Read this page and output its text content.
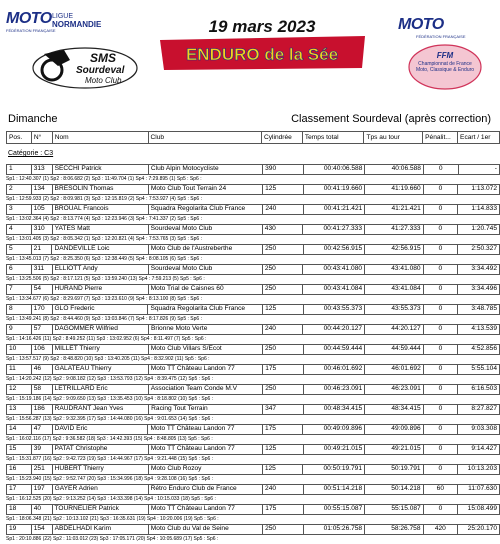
MOTO
FÉDÉRATION FRANÇAISE
LIGUE
NORMANDIE
SMS
Sourdeval
Moto Club
19 mars 2023
ENDURO de la Sée
MOTO
FÉDÉRATION FRANÇAISE
FFM
Championnat de France Moto, Classique & Enduro
Dimanche	Classement Sourdeval (après correction)
Pos.	N°	Nom	Club	Cylindrée	Temps total	Tps au tour	Pénalit...	Ecart / 1er
Catégorie : C3
1	313	SECCHI Patrick	Club Alpin Motocycliste	390	00:40:06.588	40:06.588	0	-
Sp1 : 12:40.307 (1) Sp2 : 8:06.682 (2) Sp3 : 11:49.704 (1) Sp4 : 7:29.895 (1) Sp5 : Sp6 :
2	134	BRESOLIN Thomas	Moto Club Tout Terrain 24	125	00:41:19.660	41:19.660	0	1:13.072
Sp1 : 12:59.933 (2) Sp2 : 8:09.981 (3) Sp3 : 12:15.819 (2) Sp4 : 7:53.927 (4) Sp5 : Sp6 :
3	105	BROUAL Francois	Squadra Regolarita Club France	240	00:41:21.421	41:21.421	0	1:14.833
Sp1 : 13:02.364 (4) Sp2 : 8:13.774 (4) Sp3 : 12:23.946 (3) Sp4 : 7:41.337 (2) Sp5 : Sp6 :
4	310	YATES Matt	Sourdeval Moto Club	430	00:41:27.333	41:27.333	0	1:20.745
Sp1 : 13:01.405 (3) Sp2 : 8:05.342 (1) Sp3 : 12:20.821 (4) Sp4 : 7:53.765 (3) Sp5 : Sp6 :
5	21	DANDEVILLE Loic	Moto Club de l'Austreberthe	250	00:42:56.915	42:56.915	0	2:50.327
Sp1 : 13:45.013 (7) Sp2 : 8:25.350 (6) Sp3 : 12:38.449 (5) Sp4 : 8:08.105 (6) Sp5 : Sp6 :
6	311	ELLIOTT Andy	Sourdeval Moto Club	250	00:43:41.080	43:41.080	0	3:34.492
Sp1 : 13:25.506 (5) Sp2 : 8:17.121 (5) Sp3 : 13:59.240 (13) Sp4 : 7:59.213 (5) Sp5 : Sp6 :
7	54	HURAND Pierre	Moto Trial de Caisnes 60	250	00:43:41.084	43:41.084	0	3:34.496
Sp1 : 13:34.677 (6) Sp2 : 8:29.697 (7) Sp3 : 13:23.610 (9) Sp4 : 8:13.100 (8) Sp5 : Sp6 :
8	170	GLO Frederic	Squadra Regolarita Club France	125	00:43:55.373	43:55.373	0	3:48.785
Sp1 : 13:49.241 (8) Sp2 : 8:44.460 (9) Sp3 : 13:03.846 (7) Sp4 : 8:17.826 (9) Sp5 : Sp6 :
9	57	DAGOMMER Wilfried	Brionne Moto Verte	240	00:44:20.127	44:20.127	0	4:13.539
Sp1 : 14:16.426 (11) Sp2 : 8:49.252 (11) Sp3 : 13:02.952 (6) Sp4 : 8:11.497 (7) Sp5 : Sp6 :
10	106	MILLET Thierry	Moto Club Villars S/Ecot	250	00:44:59.444	44:59.444	0	4:52.856
Sp1 : 13:57.517 (9) Sp2 : 8:48.820 (10) Sp3 : 13:40.205 (11) Sp4 : 8:32.902 (11) Sp5 : Sp6 :
11	46	GALATEAU Thierry	Moto TT Château Landon 77	175	00:46:01.692	46:01.692	0	5:55.104
Sp1 : 14:20.242 (12) Sp2 : 9:08.182 (12) Sp3 : 13:53.793 (12) Sp4 : 8:39.475 (12) Sp5 : Sp6 :
12	58	LETRILLARD Eric	Association Team Conde M.V	250	00:46:23.091	46:23.091	0	6:16.503
Sp1 : 15:19.186 (14) Sp2 : 9:09.650 (13) Sp3 : 13:35.453 (10) Sp4 : 8:18.802 (10) Sp5 : Sp6 :
13	186	RAUDRANT Jean Yves	Racing Tout Terrain	347	00:48:34.415	48:34.415	0	8:27.827
Sp1 : 15:56.287 (13) Sp2 : 9:32.395 (17) Sp3 : 14:44.080 (16) Sp4 : 9:01.653 (14) Sp5 : Sp6 :
14	47	DAVID Eric	Moto TT Château Landon 77	175	00:49:09.896	49:09.896	0	9:03.308
Sp1 : 16:02.116 (17) Sp2 : 9:36.582 (18) Sp3 : 14:42.393 (15) Sp4 : 8:48.805 (13) Sp5 : Sp6 :
15	39	PATAT Christophe	Moto TT Château Landon 77	125	00:49:21.015	49:21.015	0	9:14.427
Sp1 : 15:31.877 (16) Sp2 : 9:42.723 (19) Sp3 : 14:44.967 (17) Sp4 : 9:21.448 (15) Sp5 : Sp6 :
16	251	HUBERT Thierry	Moto Club Rozoy	125	00:50:19.791	50:19.791	0	10:13.203
Sp1 : 15:23.940 (15) Sp2 : 9:52.747 (20) Sp3 : 15:34.996 (18) Sp4 : 9:28.108 (16) Sp5 : Sp6 :
17	197	GAYER Adrien	Rétro Enduro Club de France	240	00:51:14.218	50:14.218	60	11:07.630
Sp1 : 16:12.525 (20) Sp2 : 9:13.252 (14) Sp3 : 14:33.398 (14) Sp4 : 10:15.033 (18) Sp5 : Sp6 :
18	40	TOURNELIER Patrick	Moto TT Château Landon 77	175	00:55:15.087	55:15.087	0	15:08.499
Sp1 : 18:06.348 (21) Sp2 : 10:13.102 (21) Sp3 : 16:35.631 (19) Sp4 : 10:20.006 (19) Sp5 : Sp6 :
19	154	ABDELHADI Karim	Moto Club du Val de Seine	250	01:05:26.758	58:26.758	420	25:20.170
Sp1 : 20:10.886 (22) Sp2 : 11:03.012 (23) Sp3 : 17:05.171 (20) Sp4 : 10:05.689 (17) Sp5 : Sp6 :
